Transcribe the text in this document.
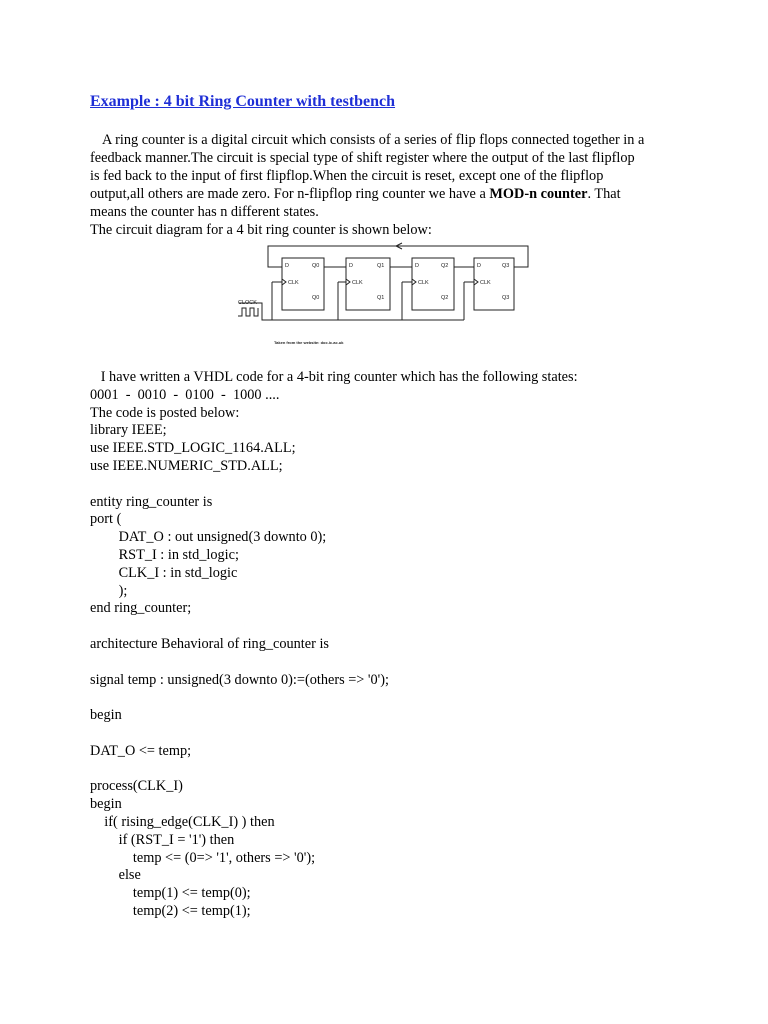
Example : 4 bit Ring Counter with testbench

A ring counter is a digital circuit which consists of a series of flip flops connected together in a

feedback manner.The circuit is special type of shift register where the output of the last flipflop

is fed back to the input of first flipflop.When the circuit is reset, except one of the flipflop

output,all others are made zero. For n-flipflop ring counter we have a MOD-n counter. That

means the counter has n different states.

The circuit diagram for a 4 bit ring counter is shown below:

CLOCK
D
CLK
Q0
Q0
D
CLK
Q1
Q1
D
CLK
Q2
Q2
D
CLK
Q3
Q3
Taken from the website: doc.ic.ac.uk
I have written a VHDL code for a 4-bit ring counter which has the following states:
0001  -  0010  -  0100  -  1000 ....
The code is posted below:
library IEEE;
use IEEE.STD_LOGIC_1164.ALL;
use IEEE.NUMERIC_STD.ALL;
entity ring_counter is
port (
DAT_O : out unsigned(3 downto 0);
RST_I : in std_logic;
CLK_I : in std_logic
);
end ring_counter;
architecture Behavioral of ring_counter is
signal temp : unsigned(3 downto 0):=(others => '0');
begin
DAT_O <= temp;
process(CLK_I)
begin
if( rising_edge(CLK_I) ) then
if (RST_I = '1') then
temp <= (0=> '1', others => '0');
else
temp(1) <= temp(0);
temp(2) <= temp(1);
